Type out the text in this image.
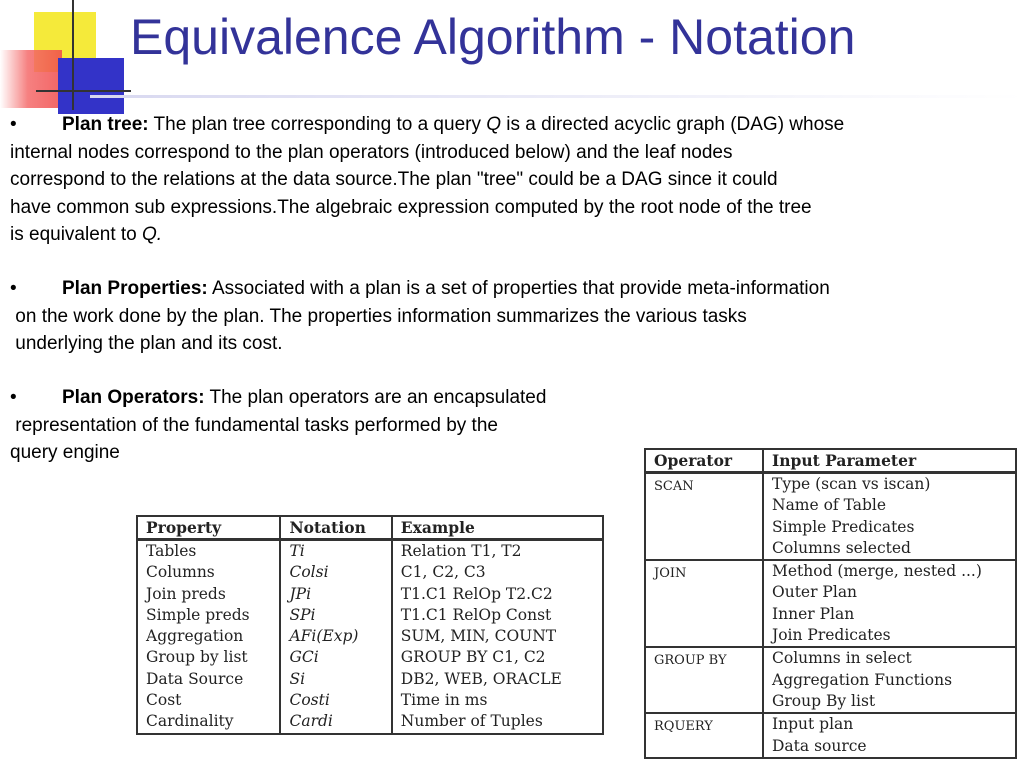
Equivalence Algorithm - Notation
• Plan tree: The plan tree corresponding to a query Q is a directed acyclic graph (DAG) whose
internal nodes correspond to the plan operators (introduced below) and the leaf nodes
correspond to the relations at the data source.The plan "tree" could be a DAG since it could
have common sub expressions.The algebraic expression computed by the root node of the tree
is equivalent to Q.
• Plan Properties: Associated with a plan is a set of properties that provide meta-information
on the work done by the plan. The properties information summarizes the various tasks
underlying the plan and its cost.
• Plan Operators: The plan operators are an encapsulated
representation of the fundamental tasks performed by the
query engine
Property	Notation	Example
Tables	Ti	Relation T1, T2
Columns	Colsi	C1, C2, C3
Join preds	JPi	T1.C1 RelOp T2.C2
Simple preds	SPi	T1.C1 RelOp Const
Aggregation	AFi(Exp)	SUM, MIN, COUNT
Group by list	GCi	GROUP BY C1, C2
Data Source	Si	DB2, WEB, ORACLE
Cost	Costi	Time in ms
Cardinality	Cardi	Number of Tuples
Operator	Input Parameter
SCAN	Type (scan vs iscan)
	Name of Table
	Simple Predicates
	Columns selected
JOIN	Method (merge, nested ...)
	Outer Plan
	Inner Plan
	Join Predicates
GROUP BY	Columns in select
	Aggregation Functions
	Group By list
RQUERY	Input plan
	Data source
